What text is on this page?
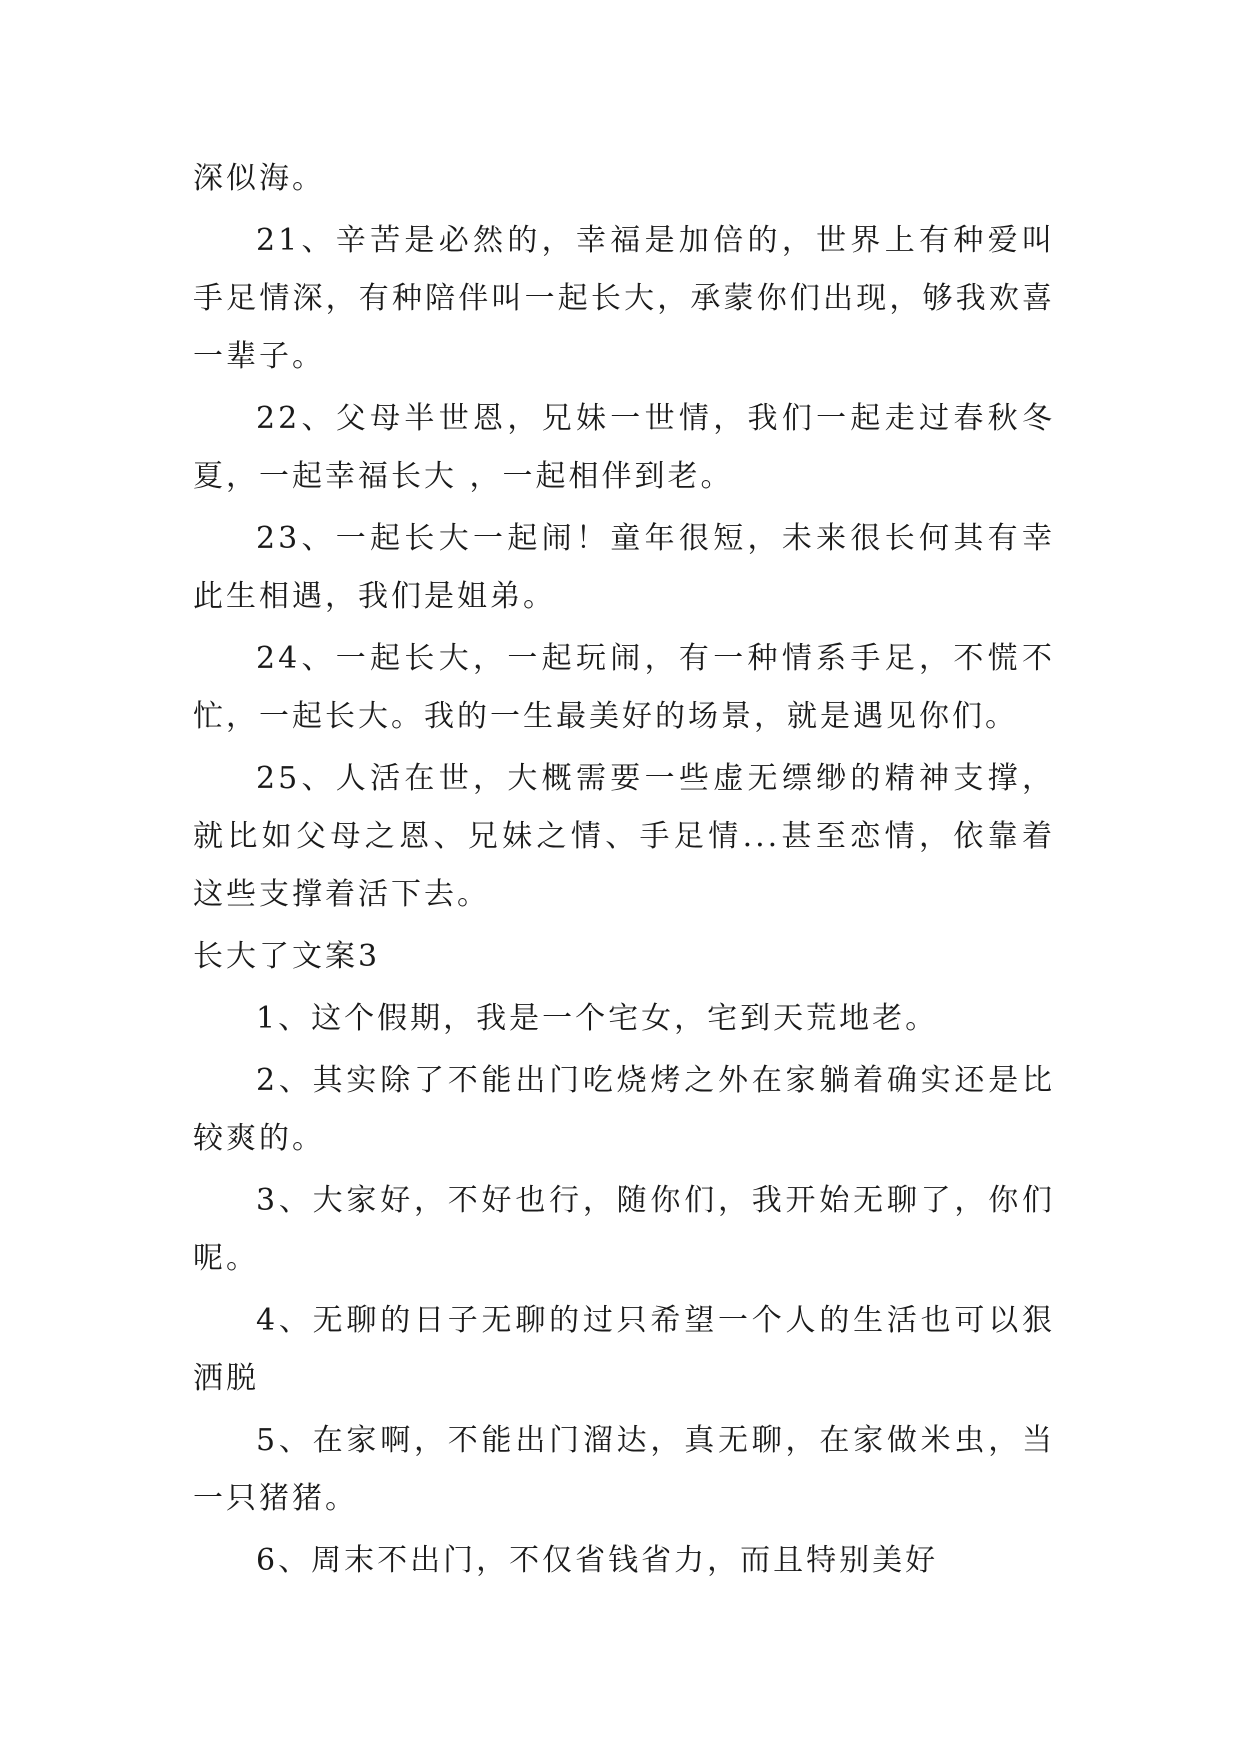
深似海。

21、辛苦是必然的，幸福是加倍的，世界上有种爱叫手足情深，有种陪伴叫一起长大，承蒙你们出现，够我欢喜一辈子。

22、父母半世恩，兄妹一世情，我们一起走过春秋冬夏，一起幸福长大 ，一起相伴到老。

23、一起长大一起闹！童年很短，未来很长何其有幸此生相遇，我们是姐弟。

24、一起长大，一起玩闹，有一种情系手足，不慌不忙，一起长大。我的一生最美好的场景，就是遇见你们。

25、人活在世，大概需要一些虚无缥缈的精神支撑，就比如父母之恩、兄妹之情、手足情...甚至恋情，依靠着这些支撑着活下去。

长大了文案3

1、这个假期，我是一个宅女，宅到天荒地老。

2、其实除了不能出门吃烧烤之外在家躺着确实还是比较爽的。

3、大家好，不好也行，随你们，我开始无聊了，你们呢。

4、无聊的日子无聊的过只希望一个人的生活也可以狠洒脱

5、在家啊，不能出门溜达，真无聊，在家做米虫，当一只猪猪。

6、周末不出门，不仅省钱省力，而且特别美好
